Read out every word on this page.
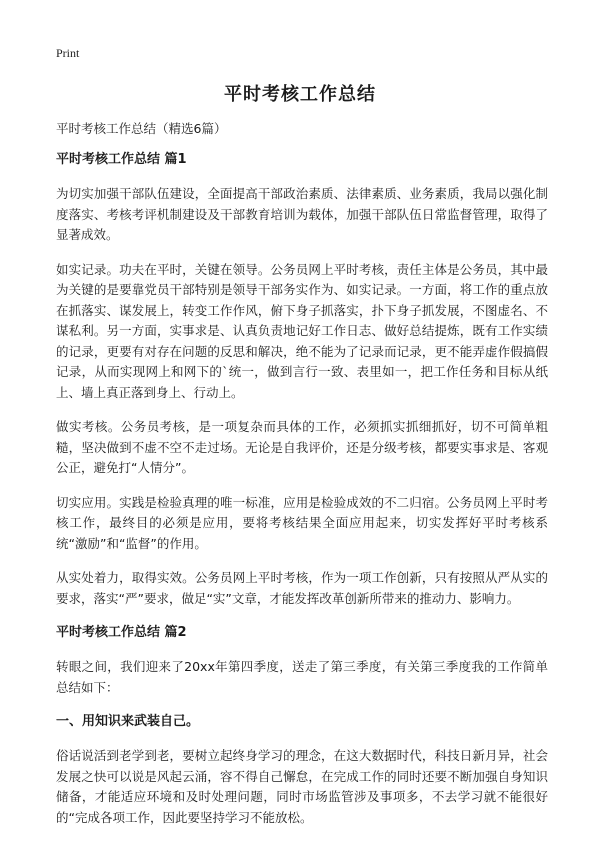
Print
平时考核工作总结
平时考核工作总结（精选6篇）
平时考核工作总结 篇1
为切实加强干部队伍建设，全面提高干部政治素质、法律素质、业务素质，我局以强化制度落实、考核考评机制建设及干部教育培训为载体，加强干部队伍日常监督管理，取得了显著成效。
如实记录。功夫在平时，关键在领导。公务员网上平时考核，责任主体是公务员，其中最为关键的是要靠党员干部特别是领导干部务实作为、如实记录。一方面，将工作的重点放在抓落实、谋发展上，转变工作作风，俯下身子抓落实，扑下身子抓发展，不图虚名、不谋私利。另一方面，实事求是、认真负责地记好工作日志、做好总结提炼，既有工作实绩的记录，更要有对存在问题的反思和解决，绝不能为了记录而记录，更不能弄虚作假搞假记录，从而实现网上和网下的`统一，做到言行一致、表里如一，把工作任务和目标从纸上、墙上真正落到身上、行动上。
做实考核。公务员考核，是一项复杂而具体的工作，必须抓实抓细抓好，切不可简单粗糙，坚决做到不虚不空不走过场。无论是自我评价，还是分级考核，都要实事求是、客观公正，避免打“人情分”。
切实应用。实践是检验真理的唯一标准，应用是检验成效的不二归宿。公务员网上平时考核工作，最终目的必须是应用，要将考核结果全面应用起来，切实发挥好平时考核系统“激励”和“监督”的作用。
从实处着力，取得实效。公务员网上平时考核，作为一项工作创新，只有按照从严从实的要求，落实“严”要求，做足“实”文章，才能发挥改革创新所带来的推动力、影响力。
平时考核工作总结 篇2
转眼之间，我们迎来了20xx年第四季度，送走了第三季度，有关第三季度我的工作简单总结如下：
一、用知识来武装自己。
俗话说活到老学到老，要树立起终身学习的理念，在这大数据时代，科技日新月异，社会发展之快可以说是风起云涌，容不得自己懈怠，在完成工作的同时还要不断加强自身知识储备，才能适应环境和及时处理问题，同时市场监管涉及事项多，不去学习就不能很好的“完成各项工作，因此要坚持学习不能放松。
